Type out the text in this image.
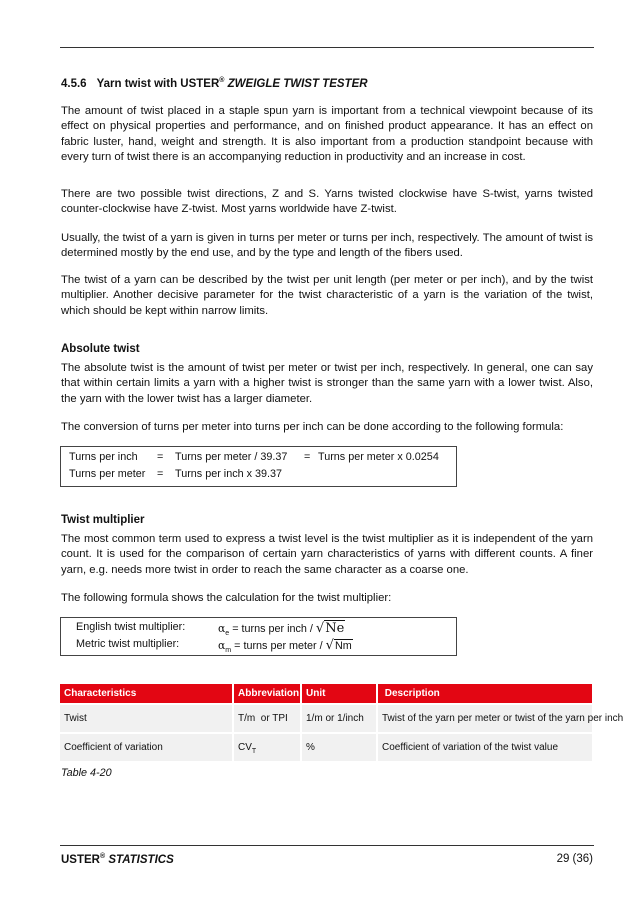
4.5.6 Yarn twist with USTER® ZWEIGLE TWIST TESTER

The amount of twist placed in a staple spun yarn is important from a technical viewpoint because of its effect on physical properties and performance, and on finished product appearance. It has an effect on fabric luster, hand, weight and strength. It is also important from a production standpoint because with every turn of twist there is an accompanying reduction in productivity and an increase in cost.

There are two possible twist directions, Z and S. Yarns twisted clockwise have S-twist, yarns twisted counter-clockwise have Z-twist. Most yarns worldwide have Z-twist.

Usually, the twist of a yarn is given in turns per meter or turns per inch, respectively. The amount of twist is determined mostly by the end use, and by the type and length of the fibers used.

The twist of a yarn can be described by the twist per unit length (per meter or per inch), and by the twist multiplier. Another decisive parameter for the twist characteristic of a yarn is the variation of the twist, which should be kept within narrow limits.

Absolute twist

The absolute twist is the amount of twist per meter or twist per inch, respectively. In general, one can say that within certain limits a yarn with a higher twist is stronger than the same yarn with a lower twist. Also, the yarn with the lower twist has a larger diameter.

The conversion of turns per meter into turns per inch can be done according to the following formula:

Turns per inch = Turns per meter / 39.37 = Turns per meter x 0.0254
Turns per meter = Turns per inch x 39.37

Twist multiplier

The most common term used to express a twist level is the twist multiplier as it is independent of the yarn count. It is used for the comparison of certain yarn characteristics of yarns with different counts. A finer yarn, e.g. needs more twist in order to reach the same character as a coarse one.

The following formula shows the calculation for the twist multiplier:

English twist multiplier:	$\alpha_e$ = turns per inch / √Ne
Metric twist multiplier:	$\alpha_m$ = turns per meter / √Nm
Characteristics	Abbreviation Unit	Description
Twist	T/m  or TPI	1/m or 1/inch	Twist of the yarn per meter or twist of the yarn per inch
Coefficient of variation	$CV_T$	%	Coefficient of variation of the twist value

Table 4-20

USTER® STATISTICS	29 (36)
